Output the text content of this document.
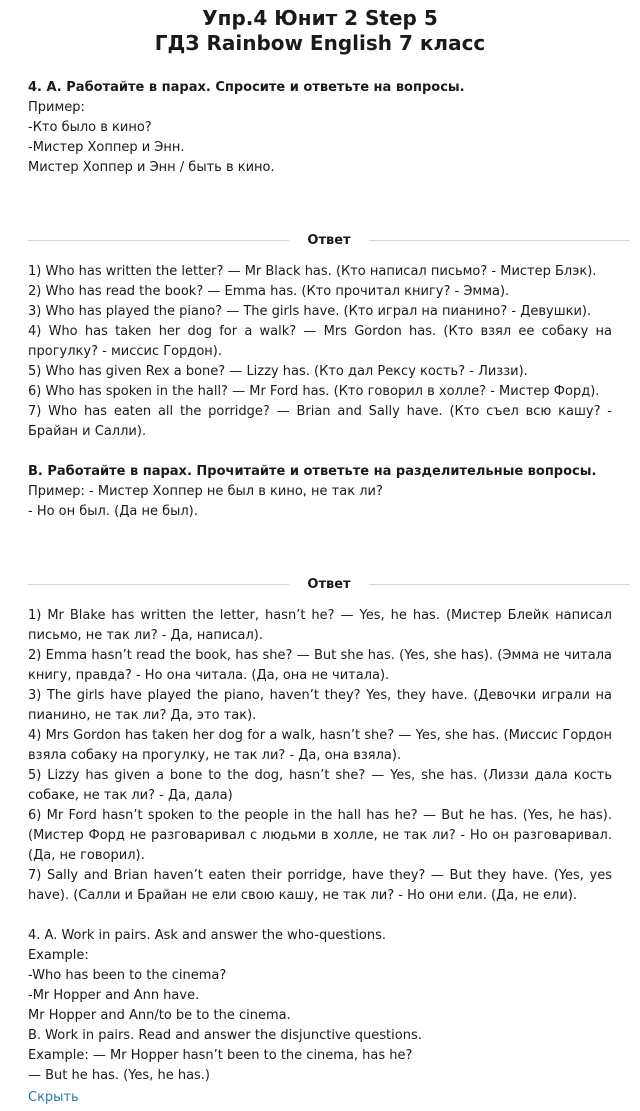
Упр.4 Юнит 2 Step 5
ГДЗ Rainbow English 7 класс
4. A. Работайте в парах. Спросите и ответьте на вопросы.
Пример:
-Кто было в кино?
-Мистер Хоппер и Энн.
Мистер Хоппер и Энн / быть в кино.
Ответ

1) Who has written the letter? — Mr Black has. (Кто написал письмо? - Мистер Блэк).

2) Who has read the book? — Emma has. (Кто прочитал книгу? - Эмма).

3) Who has played the piano? — The girls have. (Кто играл на пианино? - Девушки).

4) Who has taken her dog for a walk? — Mrs Gordon has. (Кто взял ее собаку на прогулку? - миссис Гордон).

5) Who has given Rex a bone? — Lizzy has. (Кто дал Рексу кость? - Лиззи).

6) Who has spoken in the hall? — Mr Ford has. (Кто говорил в холле? - Мистер Форд).

7) Who has eaten all the porridge? — Brian and Sally have. (Кто съел всю кашу? - Брайан и Салли).

B. Работайте в парах. Прочитайте и ответьте на разделительные вопросы.
Пример: - Мистер Хоппер не был в кино, не так ли?
- Но он был. (Да не был).
Ответ

1) Mr Blake has written the letter, hasn’t he? — Yes, he has. (Мистер Блейк написал письмо, не так ли? - Да, написал).

2) Emma hasn’t read the book, has she? — But she has. (Yes, she has). (Эмма не читала книгу, правда? - Но она читала. (Да, она не читала).

3) The girls have played the piano, haven’t they? Yes, they have. (Девочки играли на пианино, не так ли? Да, это так).

4) Mrs Gordon has taken her dog for a walk, hasn’t she? — Yes, she has. (Миссис Гордон взяла собаку на прогулку, не так ли? - Да, она взяла).

5) Lizzy has given a bone to the dog, hasn’t she? — Yes, she has. (Лиззи дала кость собаке, не так ли? - Да, дала)

6) Mr Ford hasn’t spoken to the people in the hall has he? — But he has. (Yes, he has). (Мистер Форд не разговаривал с людьми в холле, не так ли? - Но он разговаривал. (Да, не говорил).

7) Sally and Brian haven’t eaten their porridge, have they? — But they have. (Yes, yes have). (Салли и Брайан не ели свою кашу, не так ли? - Но они ели. (Да, не ели).

4. A. Work in pairs. Ask and answer the who-questions.
Example:
-Who has been to the cinema?
-Mr Hopper and Ann have.
Mr Hopper and Ann/to be to the cinema.
B. Work in pairs. Read and answer the disjunctive questions.
Example: — Mr Hopper hasn’t been to the cinema, has he?
— But he has. (Yes, he has.)
Скрыть
